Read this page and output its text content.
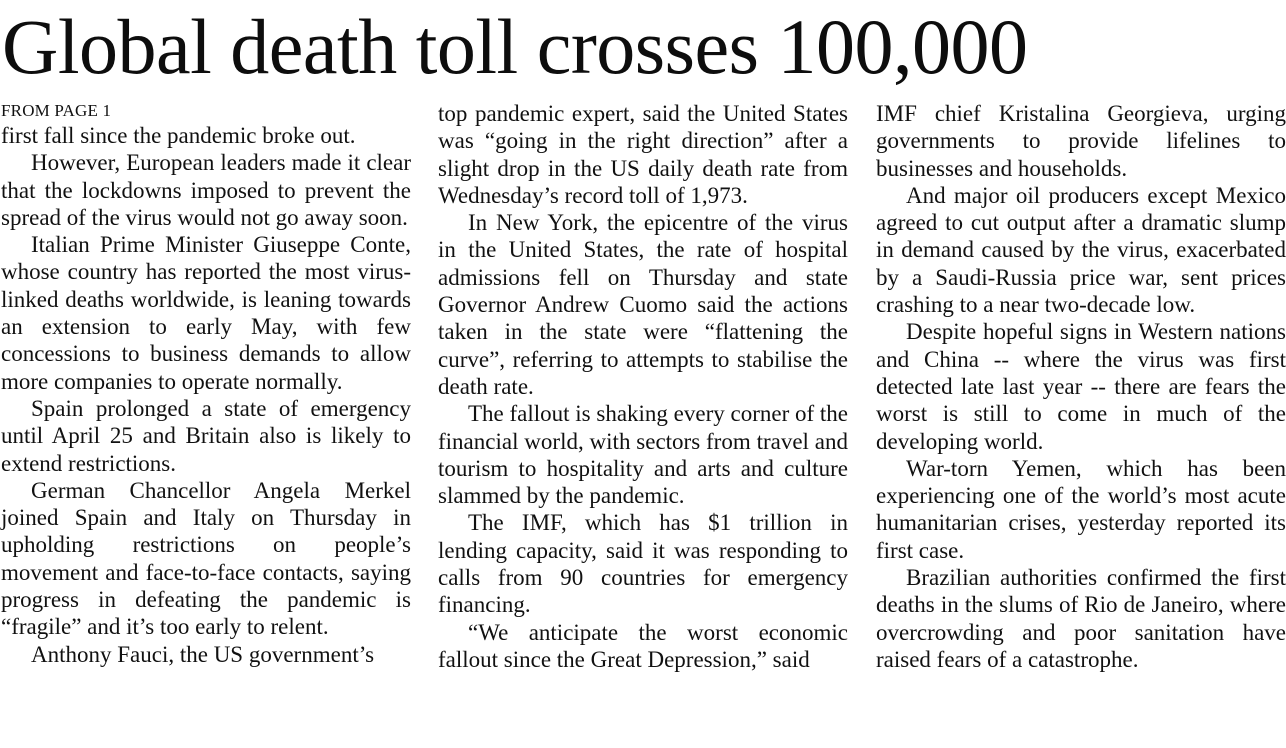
Global death toll crosses 100,000
FROM PAGE 1

first fall since the pandemic broke out.

However, European leaders made it clear that the lockdowns imposed to prevent the spread of the virus would not go away soon.

Italian Prime Minister Giuseppe Conte, whose country has reported the most virus-linked deaths worldwide, is leaning towards an extension to early May, with few concessions to business demands to allow more companies to operate normally.

Spain prolonged a state of emergency until April 25 and Britain also is likely to extend restrictions.

German Chancellor Angela Merkel joined Spain and Italy on Thursday in upholding restrictions on people’s movement and face-to-face contacts, saying progress in defeating the pandemic is “fragile” and it’s too early to relent.

Anthony Fauci, the US government’s

top pandemic expert, said the United States was “going in the right direction” after a slight drop in the US daily death rate from Wednesday’s record toll of 1,973.

In New York, the epicentre of the virus in the United States, the rate of hospital admissions fell on Thursday and state Governor Andrew Cuomo said the actions taken in the state were “flattening the curve”, referring to attempts to stabilise the death rate.

The fallout is shaking every corner of the financial world, with sectors from travel and tourism to hospitality and arts and culture slammed by the pandemic.

The IMF, which has $1 trillion in lending capacity, said it was responding to calls from 90 countries for emergency financing.

“We anticipate the worst economic fallout since the Great Depression,” said

IMF chief Kristalina Georgieva, urging governments to provide lifelines to businesses and households.

And major oil producers except Mexico agreed to cut output after a dramatic slump in demand caused by the virus, exacerbated by a Saudi-Russia price war, sent prices crashing to a near two-decade low.

Despite hopeful signs in Western nations and China -- where the virus was first detected late last year -- there are fears the worst is still to come in much of the developing world.

War-torn Yemen, which has been experiencing one of the world’s most acute humanitarian crises, yesterday reported its first case.

Brazilian authorities confirmed the first deaths in the slums of Rio de Janeiro, where overcrowding and poor sanitation have raised fears of a catastrophe.
